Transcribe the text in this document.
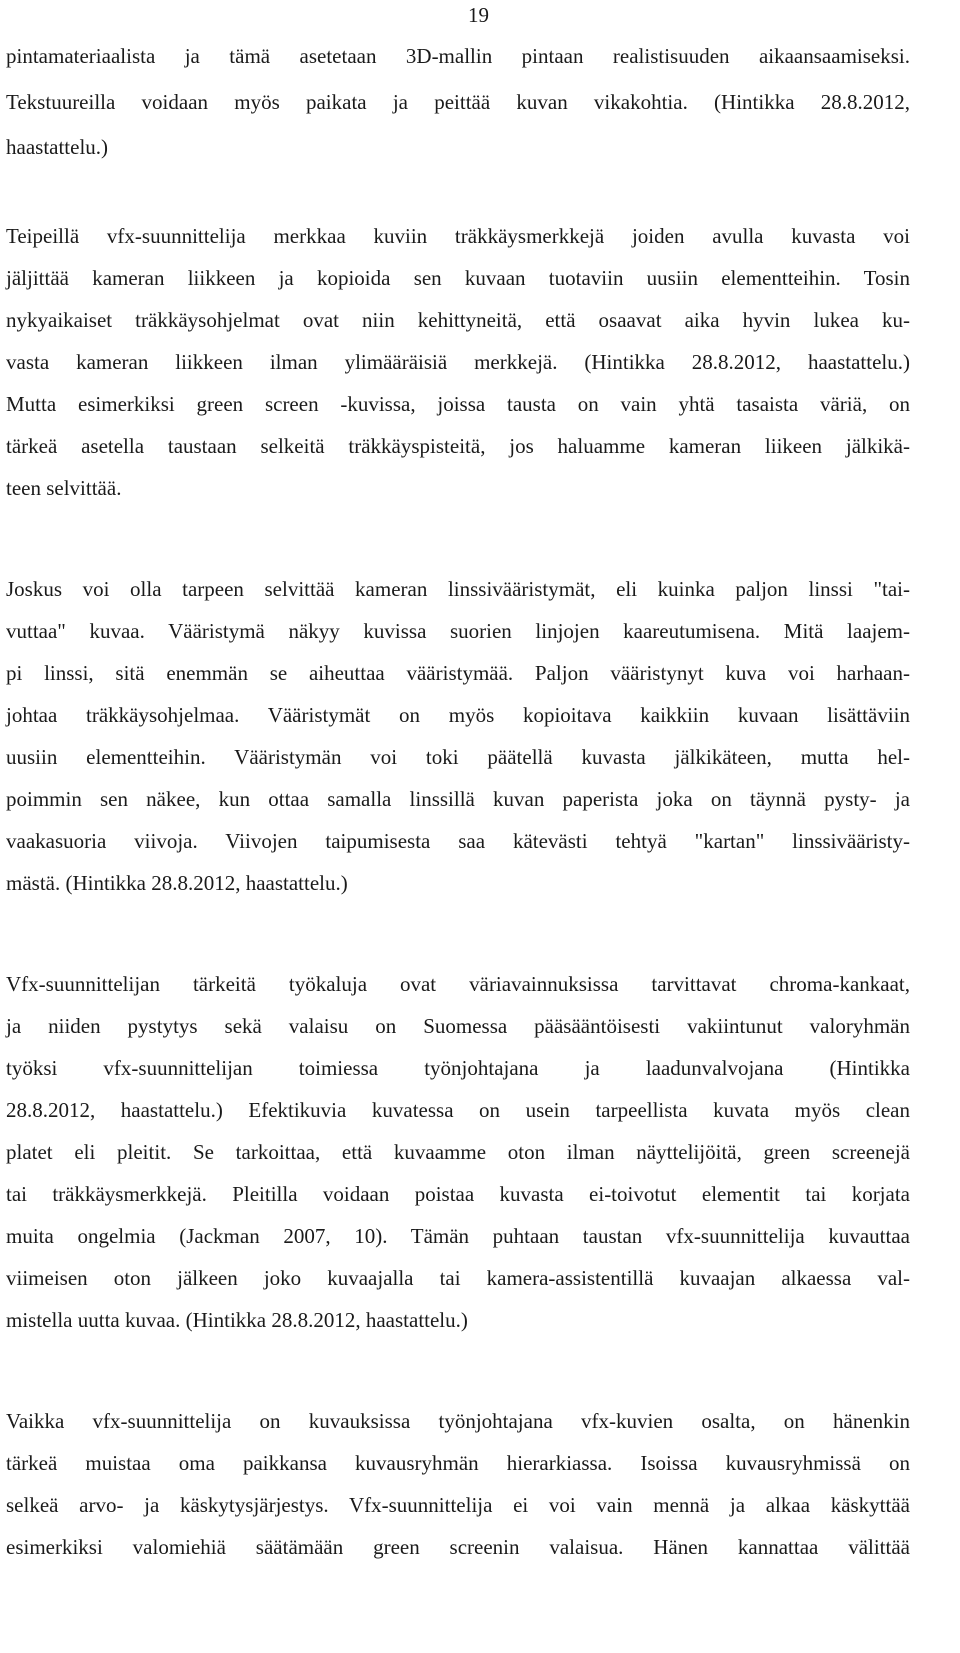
19
pintamateriaalista ja tämä asetetaan 3D-mallin pintaan realistisuuden aikaansaamiseksi.
Tekstuureilla voidaan myös paikata ja peittää kuvan vikakohtia. (Hintikka 28.8.2012,
haastattelu.)
Teipeillä vfx-suunnittelija merkkaa kuviin träkkäysmerkkejä joiden avulla kuvasta voi
jäljittää kameran liikkeen ja kopioida sen kuvaan tuotaviin uusiin elementteihin. Tosin
nykyaikaiset träkkäysohjelmat ovat niin kehittyneitä, että osaavat aika hyvin lukea ku-
vasta kameran liikkeen ilman ylimääräisiä merkkejä. (Hintikka 28.8.2012, haastattelu.)
Mutta esimerkiksi green screen -kuvissa, joissa tausta on vain yhtä tasaista väriä, on
tärkeä asetella taustaan selkeitä träkkäyspisteitä, jos haluamme kameran liikeen jälkikä-
teen selvittää.
Joskus voi olla tarpeen selvittää kameran linssivääristymät, eli kuinka paljon linssi "tai-
vuttaa" kuvaa. Vääristymä näkyy kuvissa suorien linjojen kaareutumisena. Mitä laajem-
pi linssi, sitä enemmän se aiheuttaa vääristymää. Paljon vääristynyt kuva voi harhaan-
johtaa träkkäysohjelmaa. Vääristymät on myös kopioitava kaikkiin kuvaan lisättäviin
uusiin elementteihin. Vääristymän voi toki päätellä kuvasta jälkikäteen, mutta hel-
poimmin sen näkee, kun ottaa samalla linssillä kuvan paperista joka on täynnä pysty- ja
vaakasuoria viivoja. Viivojen taipumisesta saa kätevästi tehtyä "kartan" linssivääristy-
mästä. (Hintikka 28.8.2012, haastattelu.)
Vfx-suunnittelijan tärkeitä työkaluja ovat väriavainnuksissa tarvittavat chroma-kankaat,
ja niiden pystytys sekä valaisu on Suomessa pääsääntöisesti vakiintunut valoryhmän
työksi vfx-suunnittelijan toimiessa työnjohtajana ja laadunvalvojana (Hintikka
28.8.2012, haastattelu.) Efektikuvia kuvatessa on usein tarpeellista kuvata myös clean
platet eli pleitit. Se tarkoittaa, että kuvaamme oton ilman näyttelijöitä, green screenejä
tai träkkäysmerkkejä. Pleitilla voidaan poistaa kuvasta ei-toivotut elementit tai korjata
muita ongelmia (Jackman 2007, 10). Tämän puhtaan taustan vfx-suunnittelija kuvauttaa
viimeisen oton jälkeen joko kuvaajalla tai kamera-assistentillä kuvaajan alkaessa val-
mistella uutta kuvaa. (Hintikka 28.8.2012, haastattelu.)
Vaikka vfx-suunnittelija on kuvauksissa työnjohtajana vfx-kuvien osalta, on hänenkin
tärkeä muistaa oma paikkansa kuvausryhmän hierarkiassa. Isoissa kuvausryhmissä on
selkeä arvo- ja käskytysjärjestys. Vfx-suunnittelija ei voi vain mennä ja alkaa käskyttää
esimerkiksi valomiehiä säätämään green screenin valaisua. Hänen kannattaa välittää
